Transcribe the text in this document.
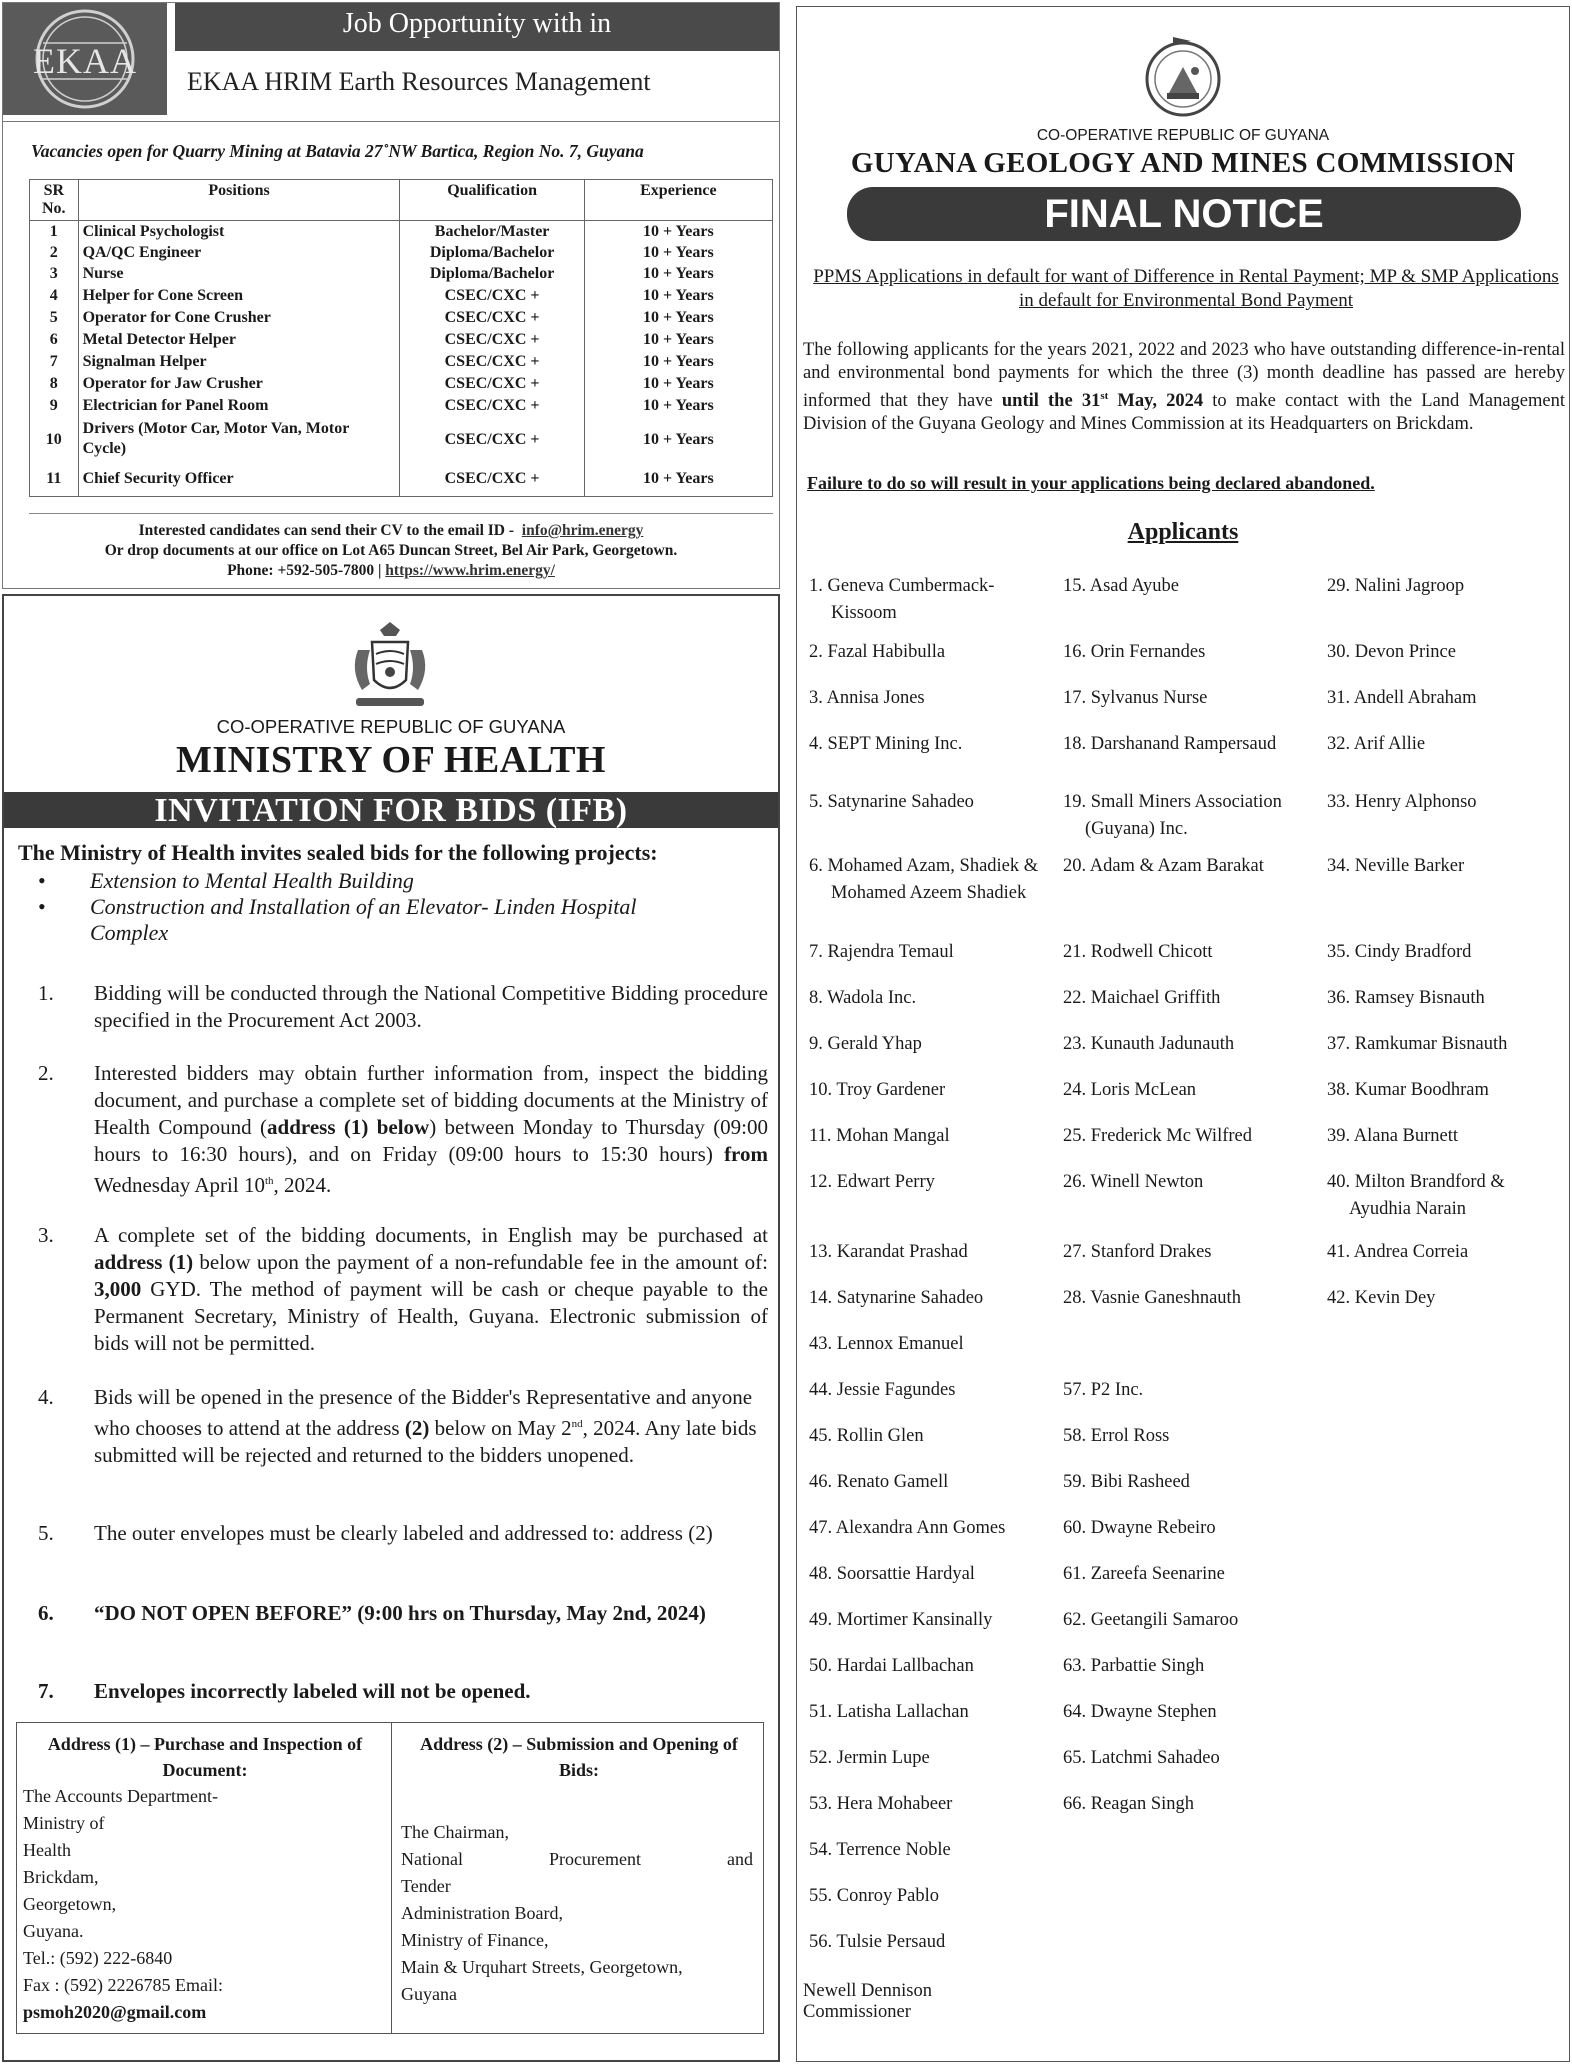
EKAA
Job Opportunity with in
EKAA HRIM Earth Resources Management
Vacancies open for Quarry Mining at Batavia 27˚NW Bartica, Region No. 7, Guyana
SR No.	Positions	Qualification	Experience
1	Clinical Psychologist	Bachelor/Master	10 + Years
2	QA/QC Engineer	Diploma/Bachelor	10 + Years
3	Nurse	Diploma/Bachelor	10 + Years
4	Helper for Cone Screen	CSEC/CXC +	10 + Years
5	Operator for Cone Crusher	CSEC/CXC +	10 + Years
6	Metal Detector Helper	CSEC/CXC +	10 + Years
7	Signalman Helper	CSEC/CXC +	10 + Years
8	Operator for Jaw Crusher	CSEC/CXC +	10 + Years
9	Electrician for Panel Room	CSEC/CXC +	10 + Years
10	Drivers (Motor Car, Motor Van, Motor Cycle)	CSEC/CXC +	10 + Years
11	Chief Security Officer	CSEC/CXC +	10 + Years
Interested candidates can send their CV to the email ID - info@hrim.energy
Or drop documents at our office on Lot A65 Duncan Street, Bel Air Park, Georgetown.
Phone: +592-505-7800 | https://www.hrim.energy/
CO-OPERATIVE REPUBLIC OF GUYANA
MINISTRY OF HEALTH
INVITATION FOR BIDS (IFB)
The Ministry of Health invites sealed bids for the following projects:
• Extension to Mental Health Building
• Construction and Installation of an Elevator- Linden Hospital Complex
1. Bidding will be conducted through the National Competitive Bidding procedure specified in the Procurement Act 2003.
2. Interested bidders may obtain further information from, inspect the bidding document, and purchase a complete set of bidding documents at the Ministry of Health Compound (address (1) below) between Monday to Thursday (09:00 hours to 16:30 hours), and on Friday (09:00 hours to 15:30 hours) from Wednesday April 10th, 2024.
3. A complete set of the bidding documents, in English may be purchased at address (1) below upon the payment of a non-refundable fee in the amount of: 3,000 GYD. The method of payment will be cash or cheque payable to the Permanent Secretary, Ministry of Health, Guyana. Electronic submission of bids will not be permitted.
4. Bids will be opened in the presence of the Bidder's Representative and anyone who chooses to attend at the address (2) below on May 2nd, 2024. Any late bids submitted will be rejected and returned to the bidders unopened.
5. The outer envelopes must be clearly labeled and addressed to: address (2)
6. “DO NOT OPEN BEFORE” (9:00 hrs on Thursday, May 2nd, 2024)
7. Envelopes incorrectly labeled will not be opened.
Address (1) – Purchase and Inspection of Document:
The Accounts Department-
Ministry of
Health
Brickdam,
Georgetown,
Guyana.
Tel.: (592) 222-6840
Fax : (592) 2226785 Email:
psmoh2020@gmail.com
Address (2) – Submission and Opening of Bids:
The Chairman,
National Procurement and
Tender
Administration Board,
Ministry of Finance,
Main & Urquhart Streets, Georgetown,
Guyana
CO-OPERATIVE REPUBLIC OF GUYANA
GUYANA GEOLOGY AND MINES COMMISSION
FINAL NOTICE
PPMS Applications in default for want of Difference in Rental Payment; MP & SMP Applications in default for Environmental Bond Payment
The following applicants for the years 2021, 2022 and 2023 who have outstanding difference-in-rental and environmental bond payments for which the three (3) month deadline has passed are hereby informed that they have until the 31st May, 2024 to make contact with the Land Management Division of the Guyana Geology and Mines Commission at its Headquarters on Brickdam.
Failure to do so will result in your applications being declared abandoned.
Applicants
1. Geneva Cumbermack-Kissoom
2. Fazal Habibulla
3. Annisa Jones
4. SEPT Mining Inc.
5. Satynarine Sahadeo
6. Mohamed Azam, Shadiek & Mohamed Azeem Shadiek
7. Rajendra Temaul
8. Wadola Inc.
9. Gerald Yhap
10. Troy Gardener
11. Mohan Mangal
12. Edwart Perry
13. Karandat Prashad
14. Satynarine Sahadeo
43. Lennox Emanuel
44. Jessie Fagundes
45. Rollin Glen
46. Renato Gamell
47. Alexandra Ann Gomes
48. Soorsattie Hardyal
49. Mortimer Kansinally
50. Hardai Lallbachan
51. Latisha Lallachan
52. Jermin Lupe
53. Hera Mohabeer
54. Terrence Noble
55. Conroy Pablo
56. Tulsie Persaud
15. Asad Ayube
16. Orin Fernandes
17. Sylvanus Nurse
18. Darshanand Rampersaud
19. Small Miners Association (Guyana) Inc.
20. Adam & Azam Barakat
21. Rodwell Chicott
22. Maichael Griffith
23. Kunauth Jadunauth
24. Loris McLean
25. Frederick Mc Wilfred
26. Winell Newton
27. Stanford Drakes
28. Vasnie Ganeshnauth
57. P2 Inc.
58. Errol Ross
59. Bibi Rasheed
60. Dwayne Rebeiro
61. Zareefa Seenarine
62. Geetangili Samaroo
63. Parbattie Singh
64. Dwayne Stephen
65. Latchmi Sahadeo
66. Reagan Singh
29. Nalini Jagroop
30. Devon Prince
31. Andell Abraham
32. Arif Allie
33. Henry Alphonso
34. Neville Barker
35. Cindy Bradford
36. Ramsey Bisnauth
37. Ramkumar Bisnauth
38. Kumar Boodhram
39. Alana Burnett
40. Milton Brandford & Ayudhia Narain
41. Andrea Correia
42. Kevin Dey
Newell Dennison
Commissioner
